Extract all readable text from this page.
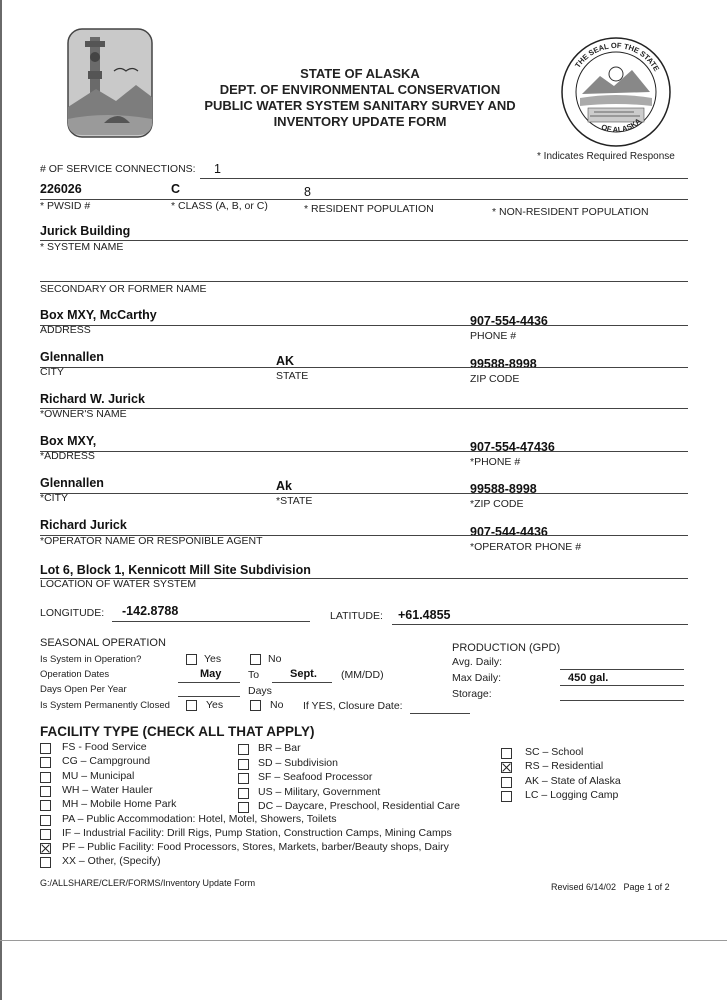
STATE OF ALASKA
DEPT. OF ENVIRONMENTAL CONSERVATION
PUBLIC WATER SYSTEM SANITARY SURVEY AND
INVENTORY UPDATE FORM
THE SEAL OF THE STATE
OF ALASKA
* Indicates Required Response
# OF SERVICE CONNECTIONS: 1
226026	C	8
* PWSID #	* CLASS (A, B, or C)	* RESIDENT POPULATION	* NON-RESIDENT POPULATION
Jurick Building
* SYSTEM NAME
SECONDARY OR FORMER NAME
Box MXY, McCarthy	907-554-4436
ADDRESS	PHONE #
Glennallen	AK	99588-8998
CITY	STATE	ZIP CODE
Richard W. Jurick
*OWNER'S NAME
Box MXY,	907-554-47436
*ADDRESS	*PHONE #
Glennallen	Ak	99588-8998
*CITY	*STATE	*ZIP CODE
Richard Jurick	907-544-4436
*OPERATOR NAME OR RESPONIBLE AGENT	*OPERATOR PHONE #
Lot 6, Block 1, Kennicott Mill Site Subdivision
LOCATION OF WATER SYSTEM
LONGITUDE: -142.8788	LATITUDE: +61.4855
SEASONAL OPERATION
Is System in Operation?	Yes	No
Operation Dates	May	To	Sept. (MM/DD)
Days Open Per Year	Days
Is System Permanently Closed	Yes	No If YES, Closure Date:
PRODUCTION (GPD)
Avg. Daily:
Max Daily:	450 gal.
Storage:
FACILITY TYPE (CHECK ALL THAT APPLY)
FS - Food Service
CG – Campground
MU – Municipal
WH – Water Hauler
MH – Mobile Home Park
PA – Public Accommodation: Hotel, Motel, Showers, Toilets
IF – Industrial Facility: Drill Rigs, Pump Station, Construction Camps, Mining Camps
PF – Public Facility: Food Processors, Stores, Markets, barber/Beauty shops, Dairy
XX – Other, (Specify)
BR – Bar
SD – Subdivision
SF – Seafood Processor
US – Military, Government
DC – Daycare, Preschool, Residential Care
SC – School
RS – Residential
AK – State of Alaska
LC – Logging Camp
G:/ALLSHARE/CLER/FORMS/Inventory Update Form	Revised 6/14/02   Page 1 of 2
